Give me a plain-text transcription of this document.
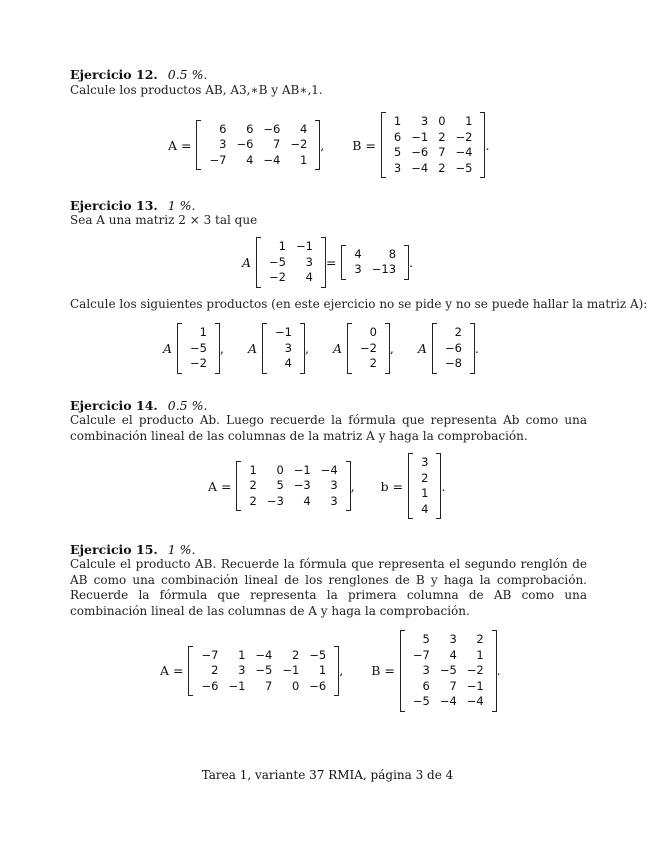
Ejercicio 12. 0.5 %.
Calcule los productos AB, A3,∗B y AB∗,1.
A =
6	6	−6	4
3	−6	7	−2
−7	4	−4	1
, B =
1	3	0	1
6	−1	2	−2
5	−6	7	−4
3	−4	2	−5
.
Ejercicio 13. 1 %.
Sea A una matriz 2 × 3 tal que
A
1	−1
−5	3
−2	4
=
4	8
3	−13 .
Calcule los siguientes productos (en este ejercicio no se pide y no se puede hallar la matriz A):
A
1
−5
−2
, A
−1
3
4
, A
0
−2
2
, A
2
−6
−8
.
Ejercicio 14. 0.5 %.
Calcule el producto Ab. Luego recuerde la fórmula que representa Ab como una combinación lineal de las columnas de la matriz A y haga la comprobación.
A =
1	0	−1	−4
2	5	−3	3
2	−3	4	3
, b =
3
2
1
4
.
Ejercicio 15. 1 %.
Calcule el producto AB. Recuerde la fórmula que representa el segundo renglón de AB como una combinación lineal de los renglones de B y haga la comprobación. Recuerde la fórmula que representa la primera columna de AB como una combinación lineal de las columnas de A y haga la comprobación.
A =
−7	1	−4	2	−5
2	3	−5	−1	1
−6	−1	7	0	−6
, B =
5	3	2
−7	4	1
3	−5	−2
6	7	−1
−5	−4	−4
.
Tarea 1, variante 37 RMIA, página 3 de 4
